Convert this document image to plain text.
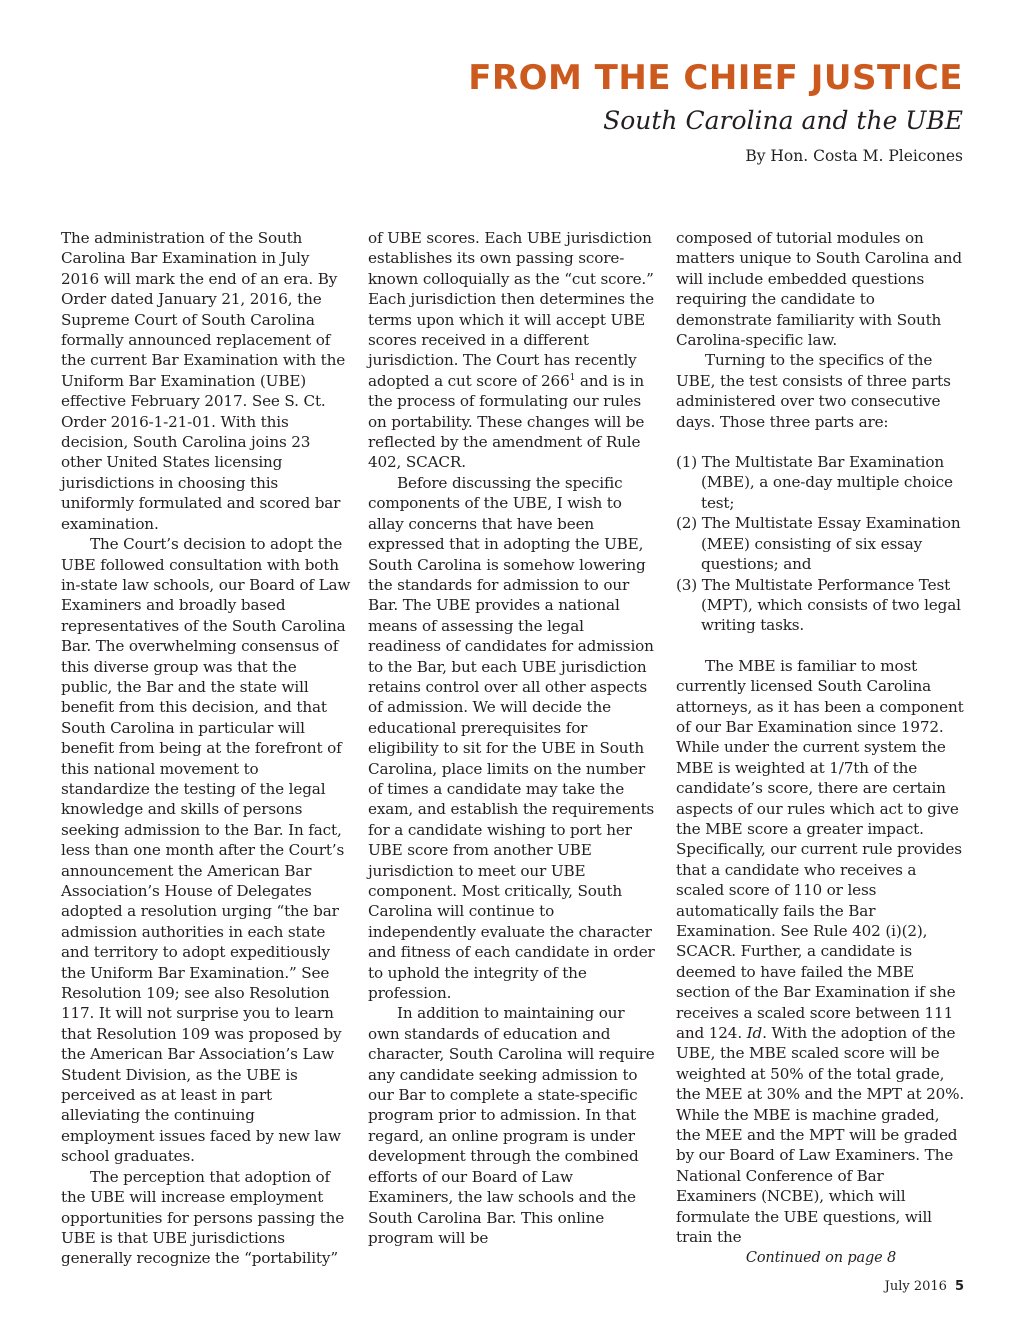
FROM THE CHIEF JUSTICE
South Carolina and the UBE
By Hon. Costa M. Pleicones

The administration of the South Carolina Bar Examination in July 2016 will mark the end of an era. By Order dated January 21, 2016, the Supreme Court of South Carolina formally announced replacement of the current Bar Examination with the Uniform Bar Examination (UBE) effective February 2017. See S. Ct. Order 2016-1-21-01. With this decision, South Carolina joins 23 other United States licensing jurisdictions in choosing this uniformly formulated and scored bar examination.

The Court’s decision to adopt the UBE followed consultation with both in-state law schools, our Board of Law Examiners and broadly based representatives of the South Carolina Bar. The overwhelming consensus of this diverse group was that the public, the Bar and the state will benefit from this decision, and that South Carolina in particular will benefit from being at the forefront of this national movement to standardize the testing of the legal knowledge and skills of persons seeking admission to the Bar. In fact, less than one month after the Court’s announcement the American Bar Association’s House of Delegates adopted a resolution urging “the bar admission authorities in each state and territory to adopt expeditiously the Uniform Bar Examination.” See Resolution 109; see also Resolution 117. It will not surprise you to learn that Resolution 109 was proposed by the American Bar Association’s Law Student Division, as the UBE is perceived as at least in part alleviating the continuing employment issues faced by new law school graduates.

The perception that adoption of the UBE will increase employment opportunities for persons passing the UBE is that UBE jurisdictions generally recognize the “portability”

of UBE scores. Each UBE jurisdiction establishes its own passing score-known colloquially as the “cut score.” Each jurisdiction then determines the terms upon which it will accept UBE scores received in a different jurisdiction. The Court has recently adopted a cut score of $266^1$ and is in the process of formulating our rules on portability. These changes will be reflected by the amendment of Rule 402, SCACR.

Before discussing the specific components of the UBE, I wish to allay concerns that have been expressed that in adopting the UBE, South Carolina is somehow lowering the standards for admission to our Bar. The UBE provides a national means of assessing the legal readiness of candidates for admission to the Bar, but each UBE jurisdiction retains control over all other aspects of admission. We will decide the educational prerequisites for eligibility to sit for the UBE in South Carolina, place limits on the number of times a candidate may take the exam, and establish the requirements for a candidate wishing to port her UBE score from another UBE jurisdiction to meet our UBE component. Most critically, South Carolina will continue to independently evaluate the character and fitness of each candidate in order to uphold the integrity of the profession.

In addition to maintaining our own standards of education and character, South Carolina will require any candidate seeking admission to our Bar to complete a state-specific program prior to admission. In that regard, an online program is under development through the combined efforts of our Board of Law Examiners, the law schools and the South Carolina Bar. This online program will be

composed of tutorial modules on matters unique to South Carolina and will include embedded questions requiring the candidate to demonstrate familiarity with South Carolina-specific law.

Turning to the specifics of the UBE, the test consists of three parts administered over two consecutive days. Those three parts are:

(1) The Multistate Bar Examination (MBE), a one-day multiple choice test;
(2) The Multistate Essay Examination (MEE) consisting of six essay questions; and
(3) The Multistate Performance Test (MPT), which consists of two legal writing tasks.

The MBE is familiar to most currently licensed South Carolina attorneys, as it has been a component of our Bar Examination since 1972. While under the current system the MBE is weighted at 1/7th of the candidate’s score, there are certain aspects of our rules which act to give the MBE score a greater impact. Specifically, our current rule provides that a candidate who receives a scaled score of 110 or less automatically fails the Bar Examination. See Rule 402 (i)(2), SCACR. Further, a candidate is deemed to have failed the MBE section of the Bar Examination if she receives a scaled score between 111 and 124. Id. With the adoption of the UBE, the MBE scaled score will be weighted at 50% of the total grade, the MEE at 30% and the MPT at 20%. While the MBE is machine graded, the MEE and the MPT will be graded by our Board of Law Examiners. The National Conference of Bar Examiners (NCBE), which will formulate the UBE questions, will train the

Continued on page 8

July 2016 5
